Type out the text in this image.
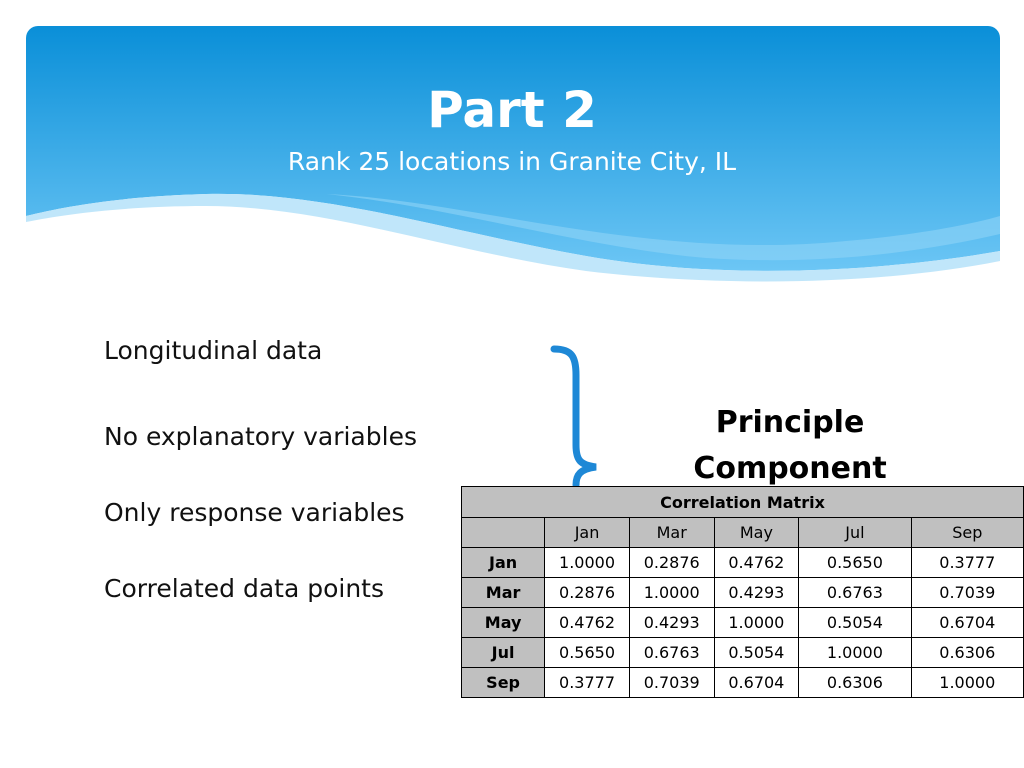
Part 2
Rank 25 locations in Granite City, IL
Longitudinal data
No explanatory variables
Only response variables
Correlated data points
Principle
Component
Correlation Matrix					
	Jan	Mar	May	Jul	Sep
Jan	1.0000	0.2876	0.4762	0.5650	0.3777
Mar	0.2876	1.0000	0.4293	0.6763	0.7039
May	0.4762	0.4293	1.0000	0.5054	0.6704
Jul	0.5650	0.6763	0.5054	1.0000	0.6306
Sep	0.3777	0.7039	0.6704	0.6306	1.0000
